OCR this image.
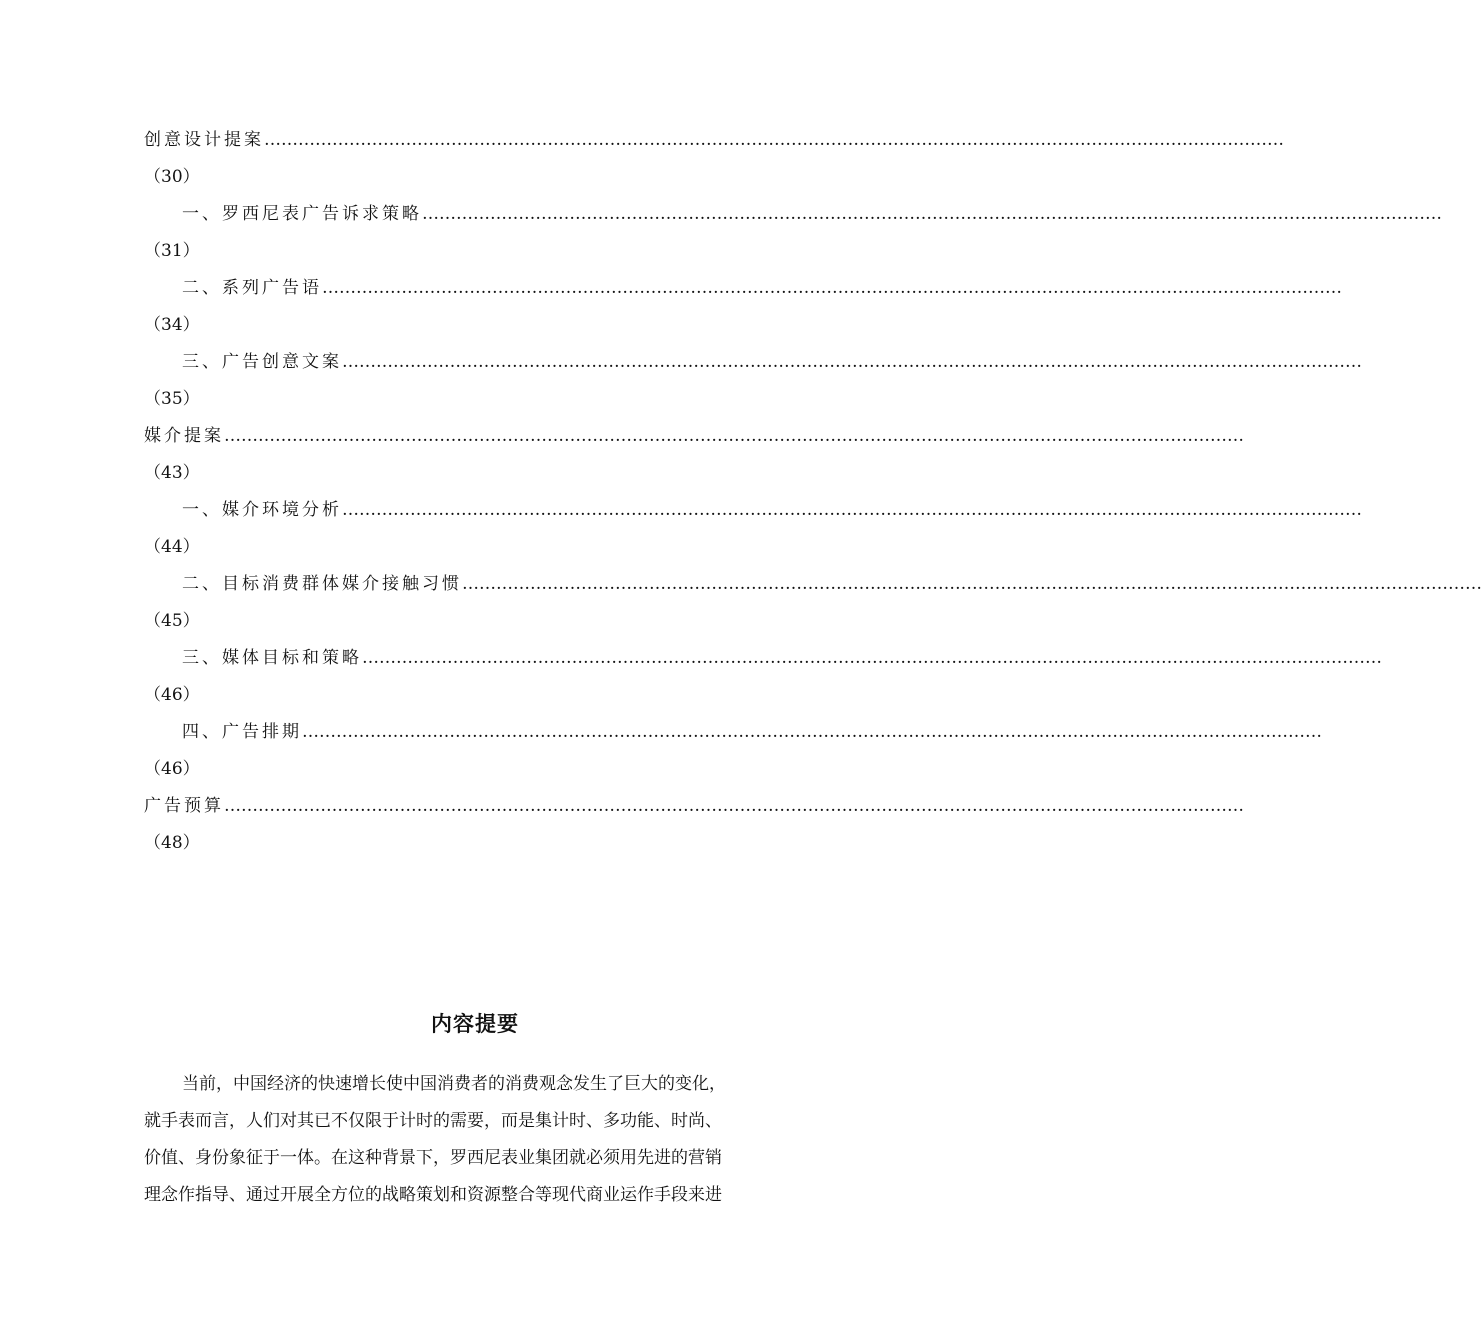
创意设计提案………………………………………………………………………………………………………………………………………………………………
（30）
一、罗西尼表广告诉求策略………………………………………………………………………………………………………………………………………………………………
（31）
二、系列广告语………………………………………………………………………………………………………………………………………………………………
（34）
三、广告创意文案………………………………………………………………………………………………………………………………………………………………
（35）
媒介提案………………………………………………………………………………………………………………………………………………………………
（43）
一、媒介环境分析………………………………………………………………………………………………………………………………………………………………
（44）
二、目标消费群体媒介接触习惯………………………………………………………………………………………………………………………………………………………………
（45）
三、媒体目标和策略………………………………………………………………………………………………………………………………………………………………
（46）
四、广告排期………………………………………………………………………………………………………………………………………………………………
（46）
广告预算………………………………………………………………………………………………………………………………………………………………
（48）
内容提要
当前，中国经济的快速增长使中国消费者的消费观念发生了巨大的变化，
就手表而言，人们对其已不仅限于计时的需要，而是集计时、多功能、时尚、
价值、身份象征于一体。在这种背景下，罗西尼表业集团就必须用先进的营销
理念作指导、通过开展全方位的战略策划和资源整合等现代商业运作手段来进
